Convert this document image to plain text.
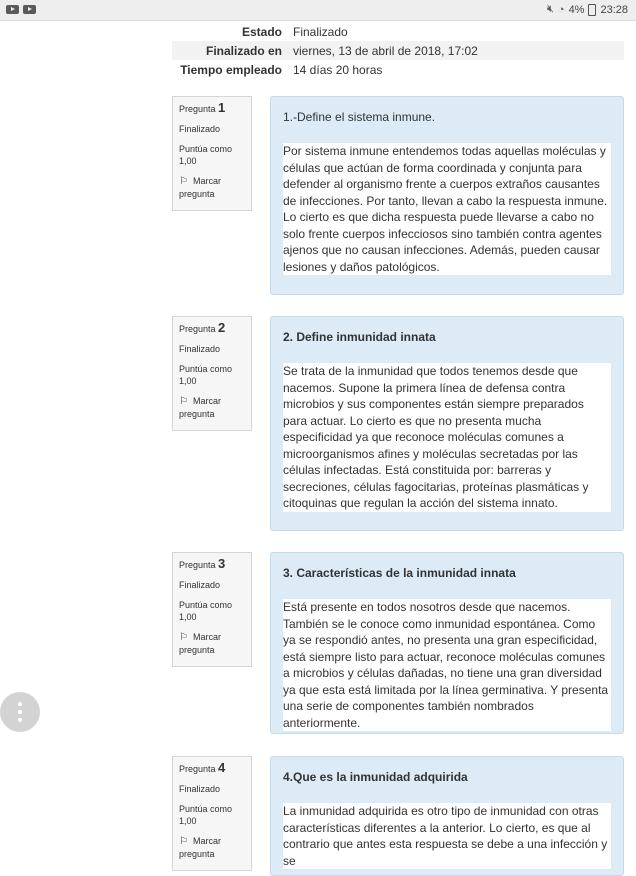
🔇︎ ◔ 4% 23:28
Estado Finalizado
Finalizado en viernes, 13 de abril de 2018, 17:02
Tiempo empleado 14 días 20 horas
Pregunta 1
Finalizado
Puntúa como 1,00
⚐ Marcar pregunta
1.-Define el sistema inmune.
Por sistema inmune entendemos todas aquellas moléculas y células que actúan de forma coordinada y conjunta para defender al organismo frente a cuerpos extraños causantes de infecciones. Por tanto, llevan a cabo la respuesta inmune. Lo cierto es que dicha respuesta puede llevarse a cabo no solo frente cuerpos infecciosos sino también contra agentes ajenos que no causan infecciones. Además, pueden causar lesiones y daños patológicos.
Pregunta 2
Finalizado
Puntúa como 1,00
⚐ Marcar pregunta
2. Define inmunidad innata
Se trata de la inmunidad que todos tenemos desde que nacemos. Supone la primera línea de defensa contra microbios y sus componentes están siempre preparados para actuar. Lo cierto es que no presenta mucha especificidad ya que reconoce moléculas comunes a microorganismos afines y moléculas secretadas por las células infectadas. Está constituida por: barreras y secreciones, células fagocitarias, proteínas plasmáticas y citoquinas que regulan la acción del sistema innato.
Pregunta 3
Finalizado
Puntúa como 1,00
⚐ Marcar pregunta
3. Características de la inmunidad innata
Está presente en todos nosotros desde que nacemos. También se le conoce como inmunidad espontánea. Como ya se respondió antes, no presenta una gran especificidad, está siempre listo para actuar, reconoce moléculas comunes a microbios y células dañadas, no tiene una gran diversidad ya que esta está limitada por la línea germinativa. Y presenta una serie de componentes también nombrados anteriormente.
Pregunta 4
Finalizado
Puntúa como 1,00
⚐ Marcar pregunta
4.Que es la inmunidad adquirida
La inmunidad adquirida es otro tipo de inmunidad con otras características diferentes a la anterior. Lo cierto, es que al contrario que antes esta respuesta se debe a una infección y se
